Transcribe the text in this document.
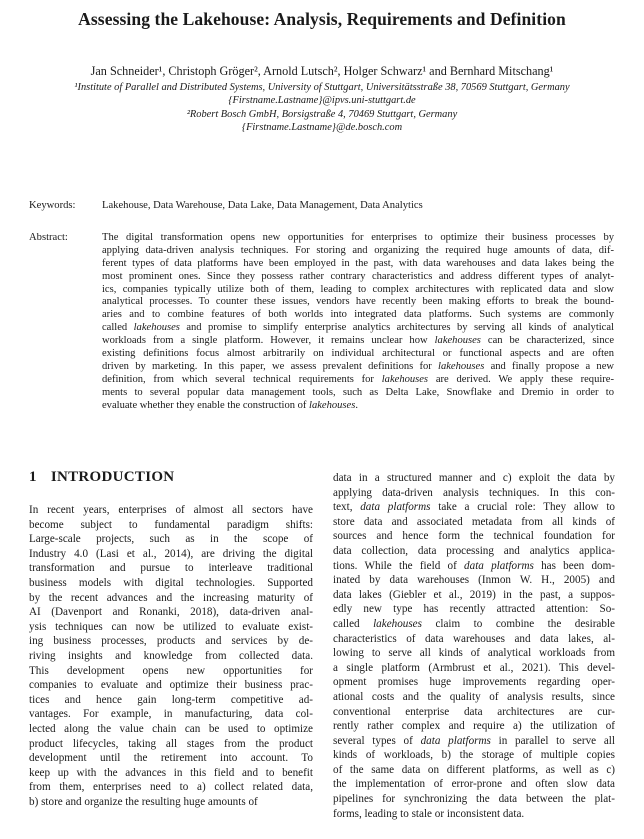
Assessing the Lakehouse: Analysis, Requirements and Definition
Jan Schneider¹, Christoph Gröger², Arnold Lutsch², Holger Schwarz¹ and Bernhard Mitschang¹
¹Institute of Parallel and Distributed Systems, University of Stuttgart, Universitätsstraße 38, 70569 Stuttgart, Germany
{Firstname.Lastname}@ipvs.uni-stuttgart.de
²Robert Bosch GmbH, Borsigstraße 4, 70469 Stuttgart, Germany
{Firstname.Lastname}@de.bosch.com
Keywords:	Lakehouse, Data Warehouse, Data Lake, Data Management, Data Analytics
Abstract:	The digital transformation opens new opportunities for enterprises to optimize their business processes by
applying data-driven analysis techniques. For storing and organizing the required huge amounts of data, dif-
ferent types of data platforms have been employed in the past, with data warehouses and data lakes being the
most prominent ones. Since they possess rather contrary characteristics and address different types of analyt-
ics, companies typically utilize both of them, leading to complex architectures with replicated data and slow
analytical processes. To counter these issues, vendors have recently been making efforts to break the bound-
aries and to combine features of both worlds into integrated data platforms. Such systems are commonly
called lakehouses and promise to simplify enterprise analytics architectures by serving all kinds of analytical
workloads from a single platform. However, it remains unclear how lakehouses can be characterized, since
existing definitions focus almost arbitrarily on individual architectural or functional aspects and are often
driven by marketing. In this paper, we assess prevalent definitions for lakehouses and finally propose a new
definition, from which several technical requirements for lakehouses are derived. We apply these require-
ments to several popular data management tools, such as Delta Lake, Snowflake and Dremio in order to
evaluate whether they enable the construction of lakehouses.
1 INTRODUCTION
In recent years, enterprises of almost all sectors have
become subject to fundamental paradigm shifts:
Large-scale projects, such as in the scope of
Industry 4.0 (Lasi et al., 2014), are driving the digital
transformation and pursue to interleave traditional
business models with digital technologies. Supported
by the recent advances and the increasing maturity of
AI (Davenport and Ronanki, 2018), data-driven anal-
ysis techniques can now be utilized to evaluate exist-
ing business processes, products and services by de-
riving insights and knowledge from collected data.
This development opens new opportunities for
companies to evaluate and optimize their business prac-
tices and hence gain long-term competitive ad-
vantages. For example, in manufacturing, data col-
lected along the value chain can be used to optimize
product lifecycles, taking all stages from the product
development until the retirement into account. To
keep up with the advances in this field and to benefit
from them, enterprises need to a) collect related data,
b) store and organize the resulting huge amounts of
data in a structured manner and c) exploit the data by
applying data-driven analysis techniques. In this con-
text, data platforms take a crucial role: They allow to
store data and associated metadata from all kinds of
sources and hence form the technical foundation for
data collection, data processing and analytics applica-
tions. While the field of data platforms has been dom-
inated by data warehouses (Inmon W. H., 2005) and
data lakes (Giebler et al., 2019) in the past, a suppos-
edly new type has recently attracted attention: So-
called lakehouses claim to combine the desirable
characteristics of data warehouses and data lakes, al-
lowing to serve all kinds of analytical workloads from
a single platform (Armbrust et al., 2021). This devel-
opment promises huge improvements regarding oper-
ational costs and the quality of analysis results, since
conventional enterprise data architectures are cur-
rently rather complex and require a) the utilization of
several types of data platforms in parallel to serve all
kinds of workloads, b) the storage of multiple copies
of the same data on different platforms, as well as c)
the implementation of error-prone and often slow data
pipelines for synchronizing the data between the plat-
forms, leading to stale or inconsistent data.
